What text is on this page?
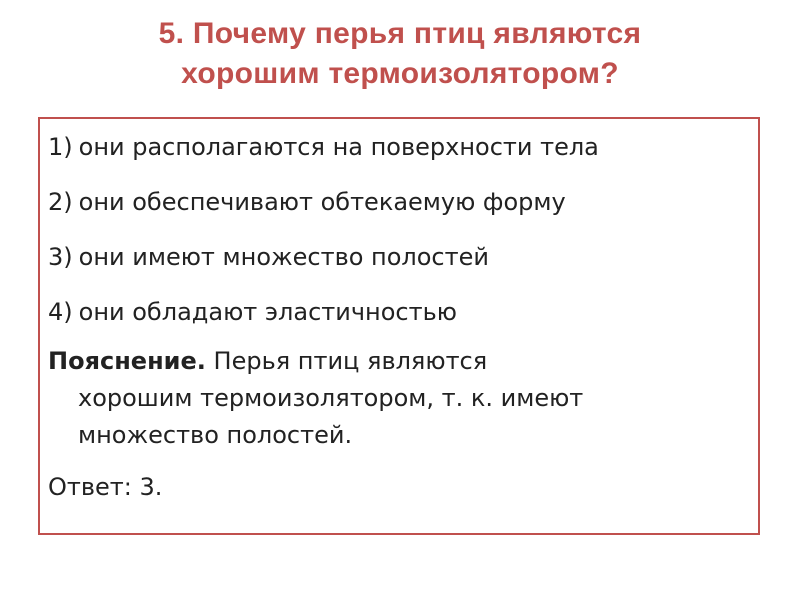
5. Почему перья птиц являются
хорошим термоизолятором?

1) они располагаются на поверхности тела

2) они обеспечивают обтекаемую форму

3) они имеют множество полостей

4) они обладают эластичностью

Пояснение. Перья птиц являются
хорошим термоизолятором, т. к. имеют
множество полостей.

Ответ: 3.
